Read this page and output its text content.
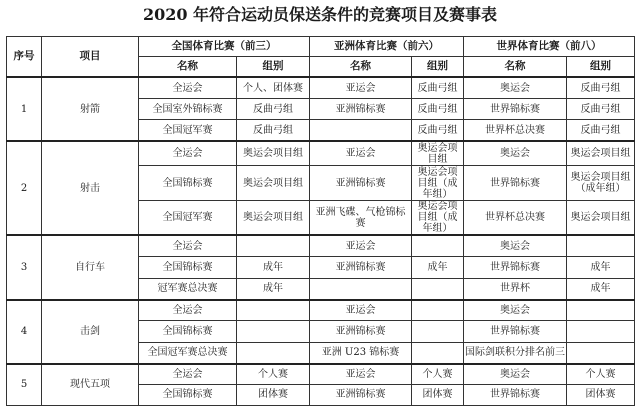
2020 年符合运动员保送条件的竞赛项目及赛事表
序号	项目	全国体育比赛（前三）		亚洲体育比赛（前六）		世界体育比赛（前八）	
		名称	组别	名称	组别	名称	组别
1	射箭	全运会	个人、团体赛	亚运会	反曲弓组	奥运会	反曲弓组
		全国室外锦标赛	反曲弓组	亚洲锦标赛	反曲弓组	世界锦标赛	反曲弓组
		全国冠军赛	反曲弓组		反曲弓组	世界杯总决赛	反曲弓组
2	射击	全运会	奥运会项目组	亚运会	奥运会项目组	奥运会	奥运会项目组
		全国锦标赛	奥运会项目组	亚洲锦标赛	奥运会项目组（成年组）	世界锦标赛	奥运会项目组（成年组）
		全国冠军赛	奥运会项目组	亚洲飞碟、气枪锦标赛	奥运会项目组（成年组）	世界杯总决赛	奥运会项目组
3	自行车	全运会		亚运会		奥运会	
		全国锦标赛	成年	亚洲锦标赛	成年	世界锦标赛	成年
		冠军赛总决赛	成年			世界杯	成年
4	击剑	全运会		亚运会		奥运会	
		全国锦标赛		亚洲锦标赛		世界锦标赛	
		全国冠军赛总决赛		亚洲 U23 锦标赛		国际剑联积分排名前三	
5	现代五项	全运会	个人赛	亚运会	个人赛	奥运会	个人赛
		全国锦标赛	团体赛	亚洲锦标赛	团体赛	世界锦标赛	团体赛
